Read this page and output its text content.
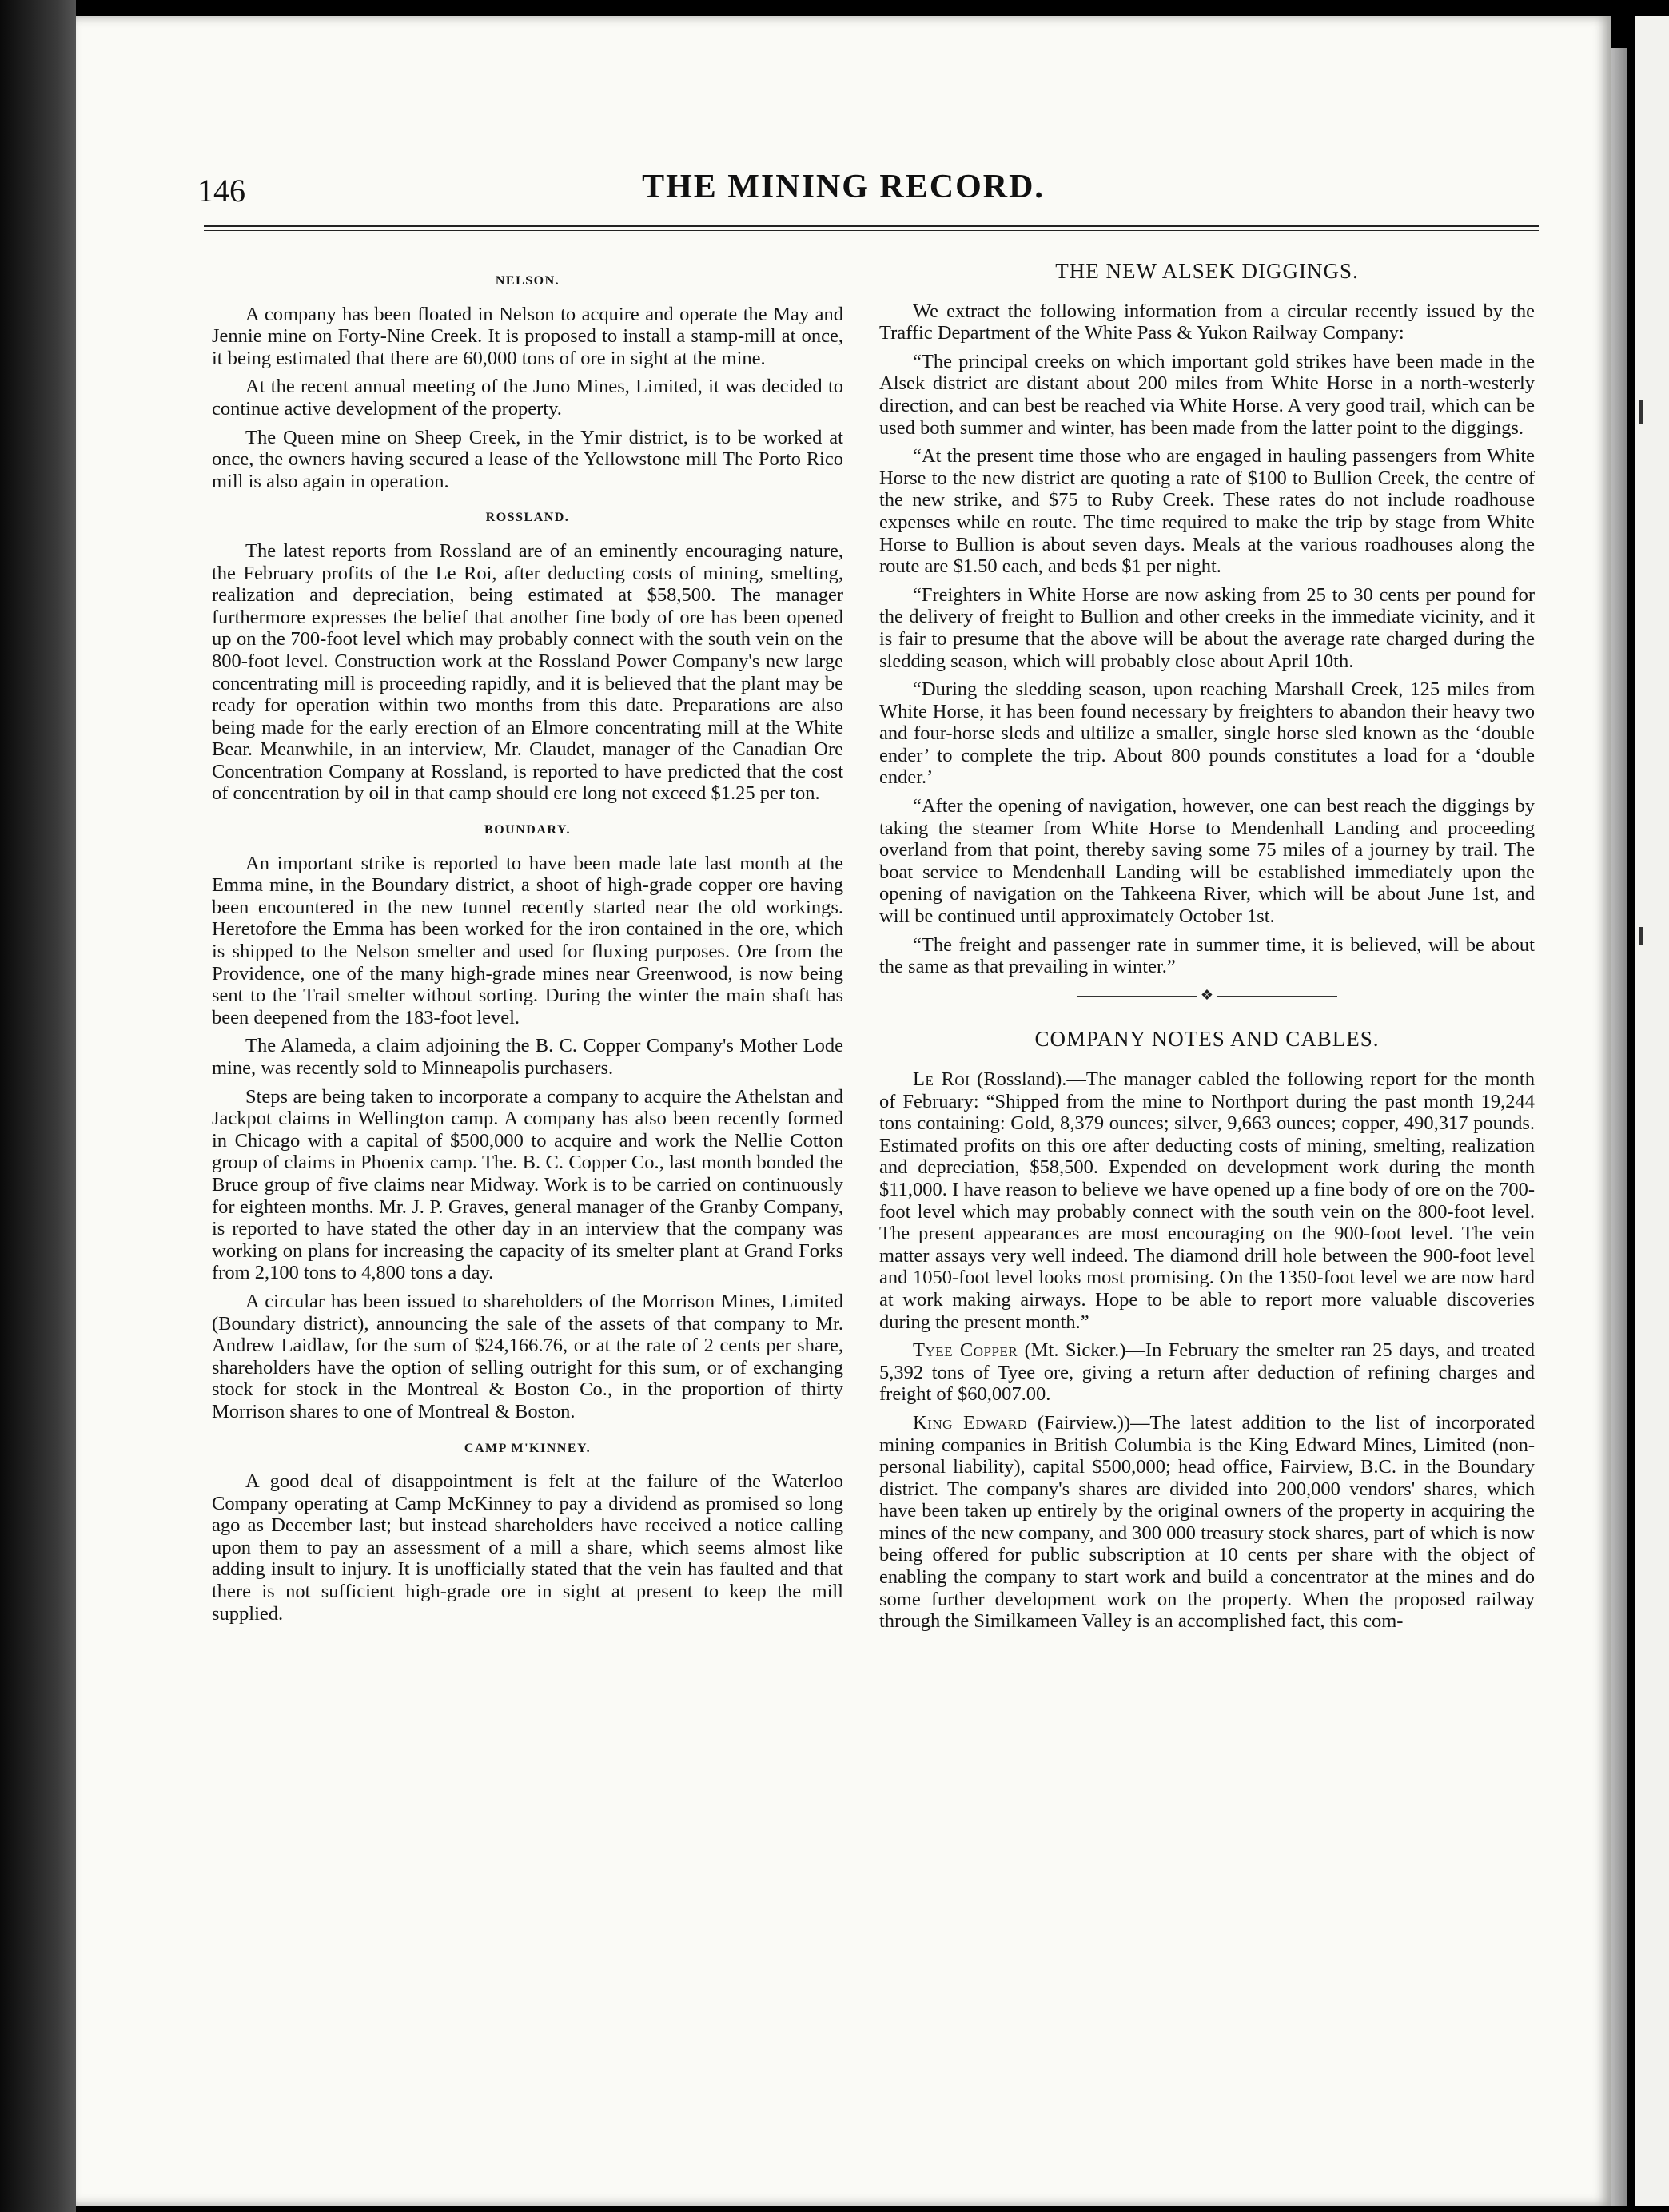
146	THE MINING RECORD.
NELSON.

A company has been floated in Nelson to acquire and operate the May and Jennie mine on Forty-Nine Creek. It is proposed to install a stamp-mill at once, it being estimated that there are 60,000 tons of ore in sight at the mine.

At the recent annual meeting of the Juno Mines, Limited, it was decided to continue active development of the property.

The Queen mine on Sheep Creek, in the Ymir district, is to be worked at once, the owners having secured a lease of the Yellowstone mill The Porto Rico mill is also again in operation.

ROSSLAND.

The latest reports from Rossland are of an eminently encouraging nature, the February profits of the Le Roi, after deducting costs of mining, smelting, realization and depreciation, being estimated at $58,500. The manager furthermore expresses the belief that another fine body of ore has been opened up on the 700-foot level which may probably connect with the south vein on the 800-foot level. Construction work at the Rossland Power Company's new large concentrating mill is proceeding rapidly, and it is believed that the plant may be ready for operation within two months from this date. Preparations are also being made for the early erection of an Elmore concentrating mill at the White Bear. Meanwhile, in an interview, Mr. Claudet, manager of the Canadian Ore Concentration Company at Rossland, is reported to have predicted that the cost of concentration by oil in that camp should ere long not exceed $1.25 per ton.

BOUNDARY.

An important strike is reported to have been made late last month at the Emma mine, in the Boundary district, a shoot of high-grade copper ore having been encountered in the new tunnel recently started near the old workings. Heretofore the Emma has been worked for the iron contained in the ore, which is shipped to the Nelson smelter and used for fluxing purposes. Ore from the Providence, one of the many high-grade mines near Greenwood, is now being sent to the Trail smelter without sorting. During the winter the main shaft has been deepened from the 183-foot level.

The Alameda, a claim adjoining the B. C. Copper Company's Mother Lode mine, was recently sold to Minneapolis purchasers.

Steps are being taken to incorporate a company to acquire the Athelstan and Jackpot claims in Wellington camp. A company has also been recently formed in Chicago with a capital of $500,000 to acquire and work the Nellie Cotton group of claims in Phoenix camp. The. B. C. Copper Co., last month bonded the Bruce group of five claims near Midway. Work is to be carried on continuously for eighteen months. Mr. J. P. Graves, general manager of the Granby Company, is reported to have stated the other day in an interview that the company was working on plans for increasing the capacity of its smelter plant at Grand Forks from 2,100 tons to 4,800 tons a day.

A circular has been issued to shareholders of the Morrison Mines, Limited (Boundary district), announcing the sale of the assets of that company to Mr. Andrew Laidlaw, for the sum of $24,166.76, or at the rate of 2 cents per share, shareholders have the option of selling outright for this sum, or of exchanging stock for stock in the Montreal & Boston Co., in the proportion of thirty Morrison shares to one of Montreal & Boston.

CAMP M'KINNEY.

A good deal of disappointment is felt at the failure of the Waterloo Company operating at Camp McKinney to pay a dividend as promised so long ago as December last; but instead shareholders have received a notice calling upon them to pay an assessment of a mill a share, which seems almost like adding insult to injury. It is unofficially stated that the vein has faulted and that there is not sufficient high-grade ore in sight at present to keep the mill supplied.

THE NEW ALSEK DIGGINGS.

We extract the following information from a circular recently issued by the Traffic Department of the White Pass & Yukon Railway Company:

“The principal creeks on which important gold strikes have been made in the Alsek district are distant about 200 miles from White Horse in a north-westerly direction, and can best be reached via White Horse. A very good trail, which can be used both summer and winter, has been made from the latter point to the diggings.

“At the present time those who are engaged in hauling passengers from White Horse to the new district are quoting a rate of $100 to Bullion Creek, the centre of the new strike, and $75 to Ruby Creek. These rates do not include roadhouse expenses while en route. The time required to make the trip by stage from White Horse to Bullion is about seven days. Meals at the various roadhouses along the route are $1.50 each, and beds $1 per night.

“Freighters in White Horse are now asking from 25 to 30 cents per pound for the delivery of freight to Bullion and other creeks in the immediate vicinity, and it is fair to presume that the above will be about the average rate charged during the sledding season, which will probably close about April 10th.

“During the sledding season, upon reaching Marshall Creek, 125 miles from White Horse, it has been found necessary by freighters to abandon their heavy two and four-horse sleds and ultilize a smaller, single horse sled known as the ‘double ender’ to complete the trip. About 800 pounds constitutes a load for a ‘double ender.’

“After the opening of navigation, however, one can best reach the diggings by taking the steamer from White Horse to Mendenhall Landing and proceeding overland from that point, thereby saving some 75 miles of a journey by trail. The boat service to Mendenhall Landing will be established immediately upon the opening of navigation on the Tahkeena River, which will be about June 1st, and will be continued until approximately October 1st.

“The freight and passenger rate in summer time, it is believed, will be about the same as that prevailing in winter.”

❖
COMPANY NOTES AND CABLES.

Le Roi (Rossland).—The manager cabled the following report for the month of February: “Shipped from the mine to Northport during the past month 19,244 tons containing: Gold, 8,379 ounces; silver, 9,663 ounces; copper, 490,317 pounds. Estimated profits on this ore after deducting costs of mining, smelting, realization and depreciation, $58,500. Expended on development work during the month $11,000. I have reason to believe we have opened up a fine body of ore on the 700-foot level which may probably connect with the south vein on the 800-foot level. The present appearances are most encouraging on the 900-foot level. The vein matter assays very well indeed. The diamond drill hole between the 900-foot level and 1050-foot level looks most promising. On the 1350-foot level we are now hard at work making airways. Hope to be able to report more valuable discoveries during the present month.”

Tyee Copper (Mt. Sicker.)—In February the smelter ran 25 days, and treated 5,392 tons of Tyee ore, giving a return after deduction of refining charges and freight of $60,007.00.

King Edward (Fairview.))—The latest addition to the list of incorporated mining companies in British Columbia is the King Edward Mines, Limited (non-personal liability), capital $500,000; head office, Fairview, B.C. in the Boundary district. The company's shares are divided into 200,000 vendors' shares, which have been taken up entirely by the original owners of the property in acquiring the mines of the new company, and 300 000 treasury stock shares, part of which is now being offered for public subscription at 10 cents per share with the object of enabling the company to start work and build a concentrator at the mines and do some further development work on the property. When the proposed railway through the Similkameen Valley is an accomplished fact, this com-
